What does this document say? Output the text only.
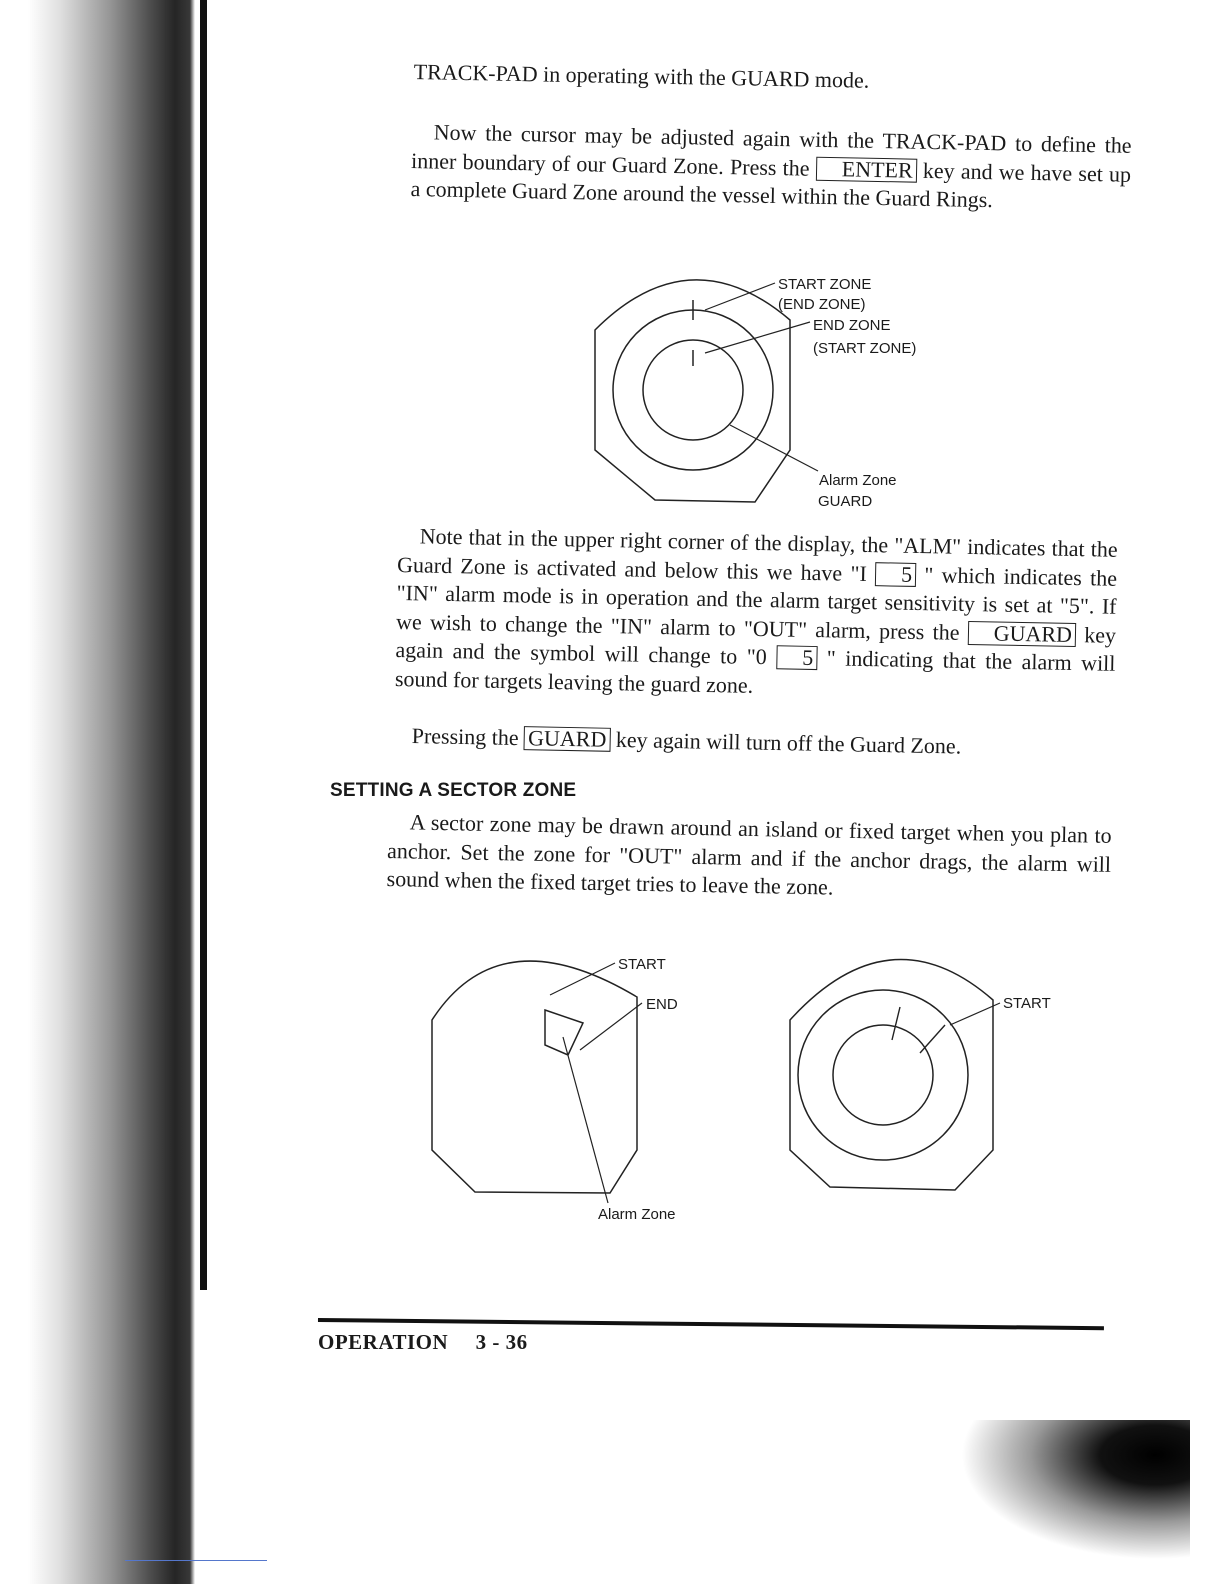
TRACK-PAD in operating with the GUARD mode.

Now the cursor may be adjusted again with the TRACK-PAD to define the inner boundary of our Guard Zone. Press the ENTER key and we have set up a complete Guard Zone around the vessel within the Guard Rings.

START ZONE
(END ZONE)
END ZONE
(START ZONE)
Alarm Zone
GUARD

Note that in the upper right corner of the display, the "ALM" indicates that the Guard Zone is activated and below this we have "I 5 " which indicates the "IN" alarm mode is in operation and the alarm target sensitivity is set at "5". If we wish to change the "IN" alarm to "OUT" alarm, press the GUARD key again and the symbol will change to "0 5 " indicating that the alarm will sound for targets leaving the guard zone.

Pressing the GUARD key again will turn off the Guard Zone.

SETTING A SECTOR ZONE

A sector zone may be drawn around an island or fixed target when you plan to anchor. Set the zone for "OUT" alarm and if the anchor drags, the alarm will sound when the fixed target tries to leave the zone.

START
END
Alarm Zone
START
OPERATION 3 - 36
